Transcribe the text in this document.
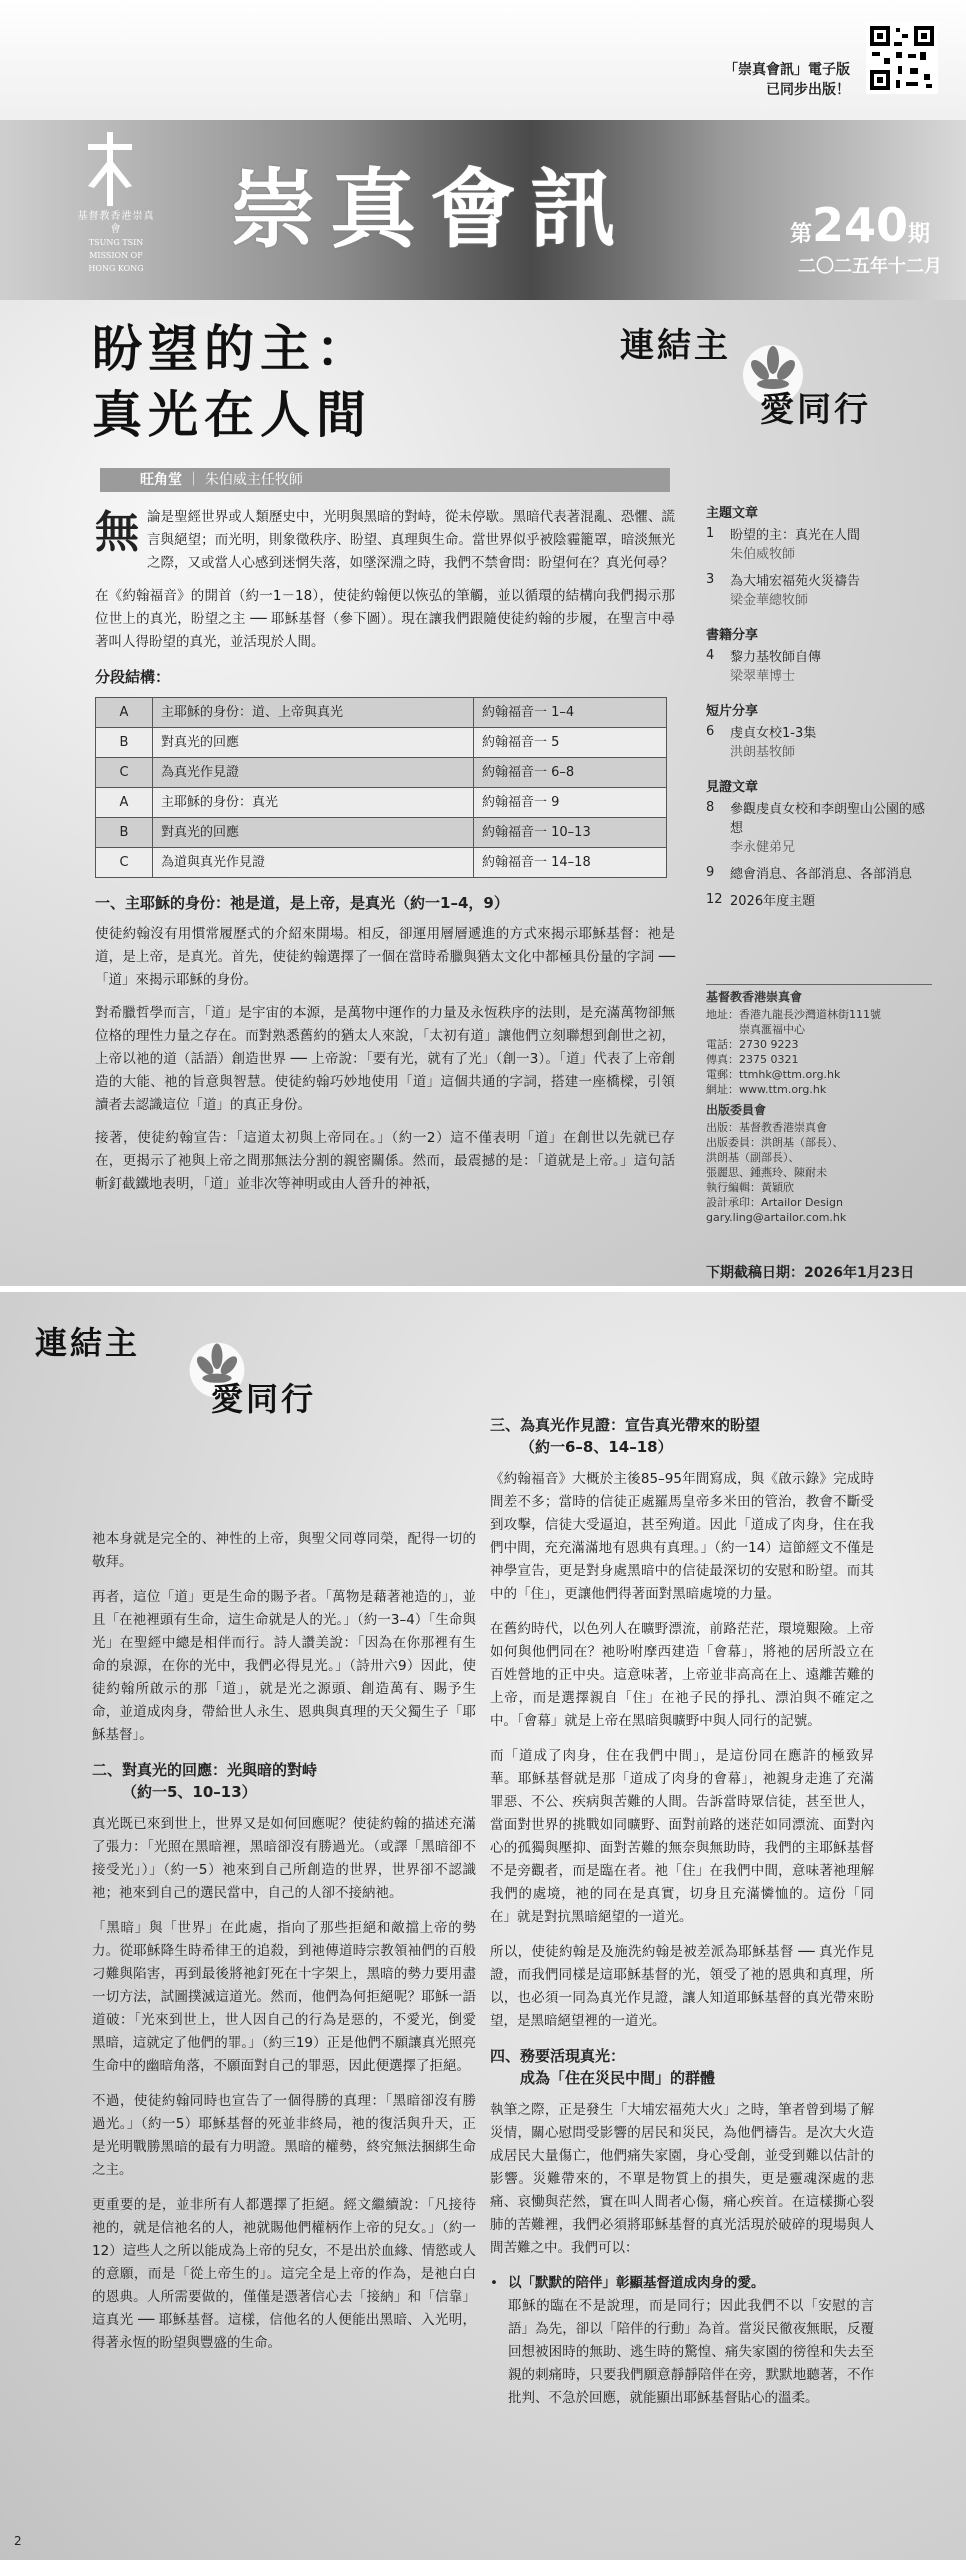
「崇真會訊」電子版
已同步出版！
基督教香港崇真會
TSUNG TSIN MISSION OF HONG KONG
崇真會訊	第240期
二〇二五年十二月
盼望的主：
真光在人間
連結主
愛同行
旺角堂 ｜ 朱伯威主任牧師

無論是聖經世界或人類歷史中，光明與黑暗的對峙，從未停歇。黑暗代表著混亂、恐懼、謊言與絕望；而光明，則象徵秩序、盼望、真理與生命。當世界似乎被陰霾籠罩，暗淡無光之際，又或當人心感到迷惘失落，如墜深淵之時，我們不禁會問：盼望何在？真光何尋？

在《約翰福音》的開首（約一1－18），使徒約翰便以恢弘的筆觸，並以循環的結構向我們揭示那位世上的真光，盼望之主 ── 耶穌基督（參下圖）。現在讓我們跟隨使徒約翰的步履，在聖言中尋著叫人得盼望的真光，並活現於人間。

分段結構：
A	主耶穌的身份：道、上帝與真光	約翰福音一 1–4
B	對真光的回應	約翰福音一 5
C	為真光作見證	約翰福音一 6–8
A	主耶穌的身份：真光	約翰福音一 9
B	對真光的回應	約翰福音一 10–13
C	為道與真光作見證	約翰福音一 14–18
一、主耶穌的身份：祂是道，是上帝，是真光（約一1–4，9）

使徒約翰沒有用慣常履歷式的介紹來開場。相反，卻運用層層遞進的方式來揭示耶穌基督：祂是道，是上帝，是真光。首先，使徒約翰選擇了一個在當時希臘與猶太文化中都極具份量的字詞 ──「道」來揭示耶穌的身份。

對希臘哲學而言，「道」是宇宙的本源，是萬物中運作的力量及永恆秩序的法則，是充滿萬物卻無位格的理性力量之存在。而對熟悉舊約的猶太人來說，「太初有道」讓他們立刻聯想到創世之初，上帝以祂的道（話語）創造世界 ── 上帝說：「要有光，就有了光」（創一3）。「道」代表了上帝創造的大能、祂的旨意與智慧。使徒約翰巧妙地使用「道」這個共通的字詞，搭建一座橋樑，引領讀者去認識這位「道」的真正身份。

接著，使徒約翰宣告：「這道太初與上帝同在。」（約一2）這不僅表明「道」在創世以先就已存在，更揭示了祂與上帝之間那無法分割的親密關係。然而，最震撼的是：「道就是上帝。」這句話斬釘截鐵地表明，「道」並非次等神明或由人晉升的神祇，

主題文章
1	盼望的主：真光在人間
朱伯威牧師
3	為大埔宏福苑火災禱告
梁金華總牧師
書籍分享
4	黎力基牧師自傳
梁翠華博士
短片分享
6	虔貞女校1-3集
洪朗基牧師
見證文章
8	參觀虔貞女校和李朗聖山公園的感想
李永健弟兄
9	總會消息、各部消息、各部消息
12 2026年度主題
基督教香港崇真會
地址：香港九龍長沙灣道林街111號
　　　崇真滙福中心
電話：2730 9223
傳真：2375 0321
電郵：ttmhk@ttm.org.hk
網址：www.ttm.org.hk
出版委員會
出版：基督教香港崇真會
出版委員：洪朗基（部長）、
洪朗基（副部長）、
張麗思、鍾燕玲、陳耐未
執行編輯：黃穎欣
設計承印：Artailor Design
gary.ling@artailor.com.hk
下期截稿日期：2026年1月23日
連結主
愛同行

祂本身就是完全的、神性的上帝，與聖父同尊同榮，配得一切的敬拜。

再者，這位「道」更是生命的賜予者。「萬物是藉著祂造的」，並且「在祂裡頭有生命，這生命就是人的光。」（約一3–4）「生命與光」在聖經中總是相伴而行。詩人讚美說：「因為在你那裡有生命的泉源，在你的光中，我們必得見光。」（詩卅六9）因此，使徒約翰所啟示的那「道」，就是光之源頭、創造萬有、賜予生命，並道成肉身，帶給世人永生、恩典與真理的天父獨生子「耶穌基督」。

二、對真光的回應：光與暗的對峙
（約一5、10–13）

真光既已來到世上，世界又是如何回應呢？使徒約翰的描述充滿了張力：「光照在黑暗裡，黑暗卻沒有勝過光。（或譯「黑暗卻不接受光」）」（約一5）祂來到自己所創造的世界，世界卻不認識祂；祂來到自己的選民當中，自己的人卻不接納祂。

「黑暗」與「世界」在此處，指向了那些拒絕和敵擋上帝的勢力。從耶穌降生時希律王的追殺，到祂傳道時宗教領袖們的百般刁難與陷害，再到最後將祂釘死在十字架上，黑暗的勢力要用盡一切方法，試圖撲滅這道光。然而，他們為何拒絕呢？耶穌一語道破：「光來到世上，世人因自己的行為是惡的，不愛光，倒愛黑暗，這就定了他們的罪。」（約三19）正是他們不願讓真光照亮生命中的幽暗角落，不願面對自己的罪惡，因此便選擇了拒絕。

不過，使徒約翰同時也宣告了一個得勝的真理：「黑暗卻沒有勝過光。」（約一5）耶穌基督的死並非終局，祂的復活與升天，正是光明戰勝黑暗的最有力明證。黑暗的權勢，終究無法捆綁生命之主。

更重要的是，並非所有人都選擇了拒絕。經文繼續說：「凡接待祂的，就是信祂名的人，祂就賜他們權柄作上帝的兒女。」（約一12）這些人之所以能成為上帝的兒女，不是出於血緣、情慾或人的意願，而是「從上帝生的」。這完全是上帝的作為，是祂白白的恩典。人所需要做的，僅僅是憑著信心去「接納」和「信靠」這真光 ── 耶穌基督。這樣，信他名的人便能出黑暗、入光明，得著永恆的盼望與豐盛的生命。

三、為真光作見證：宣告真光帶來的盼望
（約一6–8、14–18）

《約翰福音》大概於主後85–95年間寫成，與《啟示錄》完成時間差不多；當時的信徒正處羅馬皇帝多米田的管治，教會不斷受到攻擊，信徒大受逼迫，甚至殉道。因此「道成了肉身，住在我們中間，充充滿滿地有恩典有真理。」（約一14）這節經文不僅是神學宣告，更是對身處黑暗中的信徒最深切的安慰和盼望。而其中的「住」，更讓他們得著面對黑暗處境的力量。

在舊約時代，以色列人在曠野漂流，前路茫茫，環境艱險。上帝如何與他們同在？祂吩咐摩西建造「會幕」，將祂的居所設立在百姓營地的正中央。這意味著，上帝並非高高在上、遠離苦難的上帝，而是選擇親自「住」在祂子民的掙扎、漂泊與不確定之中。「會幕」就是上帝在黑暗與曠野中與人同行的記號。

而「道成了肉身，住在我們中間」，是這份同在應許的極致昇華。耶穌基督就是那「道成了肉身的會幕」，祂親身走進了充滿罪惡、不公、疾病與苦難的人間。告訴當時眾信徒，甚至世人，當面對世界的挑戰如同曠野、面對前路的迷茫如同漂流、面對內心的孤獨與壓抑、面對苦難的無奈與無助時，我們的主耶穌基督不是旁觀者，而是臨在者。祂「住」在我們中間，意味著祂理解我們的處境，祂的同在是真實，切身且充滿憐恤的。這份「同在」就是對抗黑暗絕望的一道光。

所以，使徒約翰是及施洗約翰是被差派為耶穌基督 ── 真光作見證，而我們同樣是這耶穌基督的光，領受了祂的恩典和真理，所以，也必須一同為真光作見證，讓人知道耶穌基督的真光帶來盼望，是黑暗絕望裡的一道光。

四、務要活現真光：
成為「住在災民中間」的群體

執筆之際，正是發生「大埔宏福苑大火」之時，筆者曾到場了解災情，關心慰問受影響的居民和災民，為他們禱告。是次大火造成居民大量傷亡，他們痛失家園，身心受創，並受到難以估計的影響。災難帶來的，不單是物質上的損失，更是靈魂深處的悲痛、哀慟與茫然，實在叫人間者心傷，痛心疾首。在這樣撕心裂肺的苦難裡，我們必須將耶穌基督的真光活現於破碎的現場與人間苦難之中。我們可以：

• 以「默默的陪伴」彰顯基督道成肉身的愛。
耶穌的臨在不是說理，而是同行；因此我們不以「安慰的言語」為先，卻以「陪伴的行動」為首。當災民徹夜無眠，反覆回想被困時的無助、逃生時的驚惶、痛失家園的徬徨和失去至親的刺痛時，只要我們願意靜靜陪伴在旁，默默地聽著，不作批判、不急於回應，就能顯出耶穌基督貼心的溫柔。
2
